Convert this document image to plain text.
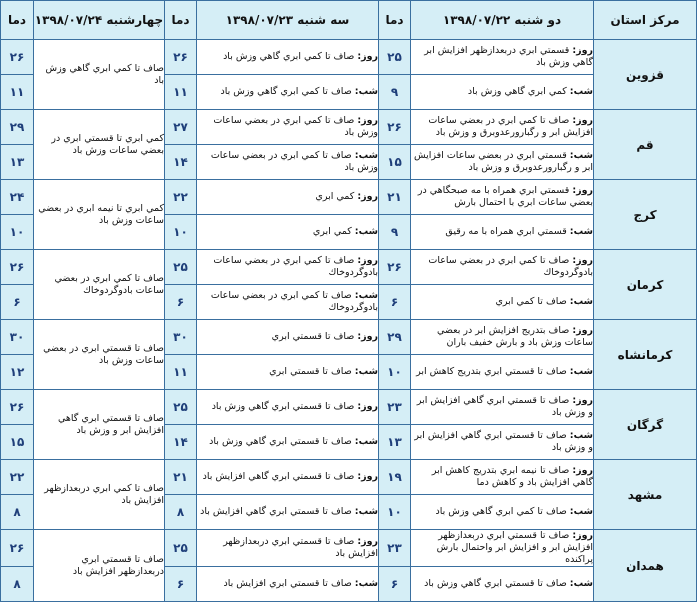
مرکز استان	دو شنبه ۱۳۹۸/۰۷/۲۲	دما	سه شنبه ۱۳۹۸/۰۷/۲۳	دما	چهارشنبه ۱۳۹۸/۰۷/۲۴	دما
قزوين	روز: قسمتي ابري دربعدازظهر افزايش ابر گاهي وزش باد	۲۵	روز: صاف تا كمي ابري گاهي وزش باد	۲۶	صاف تا كمي ابري گاهي وزش باد	۲۶
	شب: كمي ابري گاهي وزش باد	۹	شب: صاف تا كمي ابري گاهي وزش باد	۱۱		۱۱
قم	روز: صاف تا كمي ابري در بعضي ساعات افزايش ابر و رگبارورعدوبرق و وزش باد	۲۶	روز: صاف تا كمي ابري در بعضي ساعات وزش باد	۲۷	كمي ابري تا قسمتي ابري در بعضي ساعات وزش باد	۲۹
	شب: قسمتي ابري در بعضي ساعات افزايش ابر و رگبارورعدوبرق و وزش باد	۱۵	شب: صاف تا كمي ابري در بعضي ساعات وزش باد	۱۴		۱۳
كرج	روز: قسمتي ابري همراه با مه صبحگاهي در بعضي ساعات ابري با احتمال بارش	۲۱	روز: كمي ابري	۲۲	كمي ابري تا نيمه ابري در بعضي ساعات وزش باد	۲۴
	شب: قسمتي ابري همراه با مه رقيق	۹	شب: كمي ابري	۱۰		۱۰
كرمان	روز: صاف تا كمي ابري در بعضي ساعات بادوگردوخاك	۲۶	روز: صاف تا كمي ابري در بعضي ساعات بادوگردوخاك	۲۵	صاف تا كمي ابري در بعضي ساعات بادوگردوخاك	۲۶
	شب: صاف تا كمي ابري	۶	شب: صاف تا كمي ابري در بعضي ساعات بادوگردوخاك	۶		۶
كرمانشاه	روز: صاف بتدريج افزايش ابر در بعضي ساعات وزش باد و بارش خفيف باران	۲۹	روز: صاف تا قسمتي ابري	۳۰	صاف تا قسمتي ابري در بعضي ساعات وزش باد	۳۰
	شب: صاف تا قسمتي ابري بتدريج كاهش ابر	۱۰	شب: صاف تا قسمتي ابري	۱۱		۱۲
گرگان	روز: صاف تا قسمتي ابري گاهي افزايش ابر و وزش باد	۲۳	روز: صاف تا قسمتي ابري گاهي وزش باد	۲۵	صاف تا قسمتي ابري گاهي افزايش ابر و وزش باد	۲۶
	شب: صاف تا قسمتي ابري گاهي افزايش ابر و وزش باد	۱۳	شب: صاف تا قسمتي ابري گاهي وزش باد	۱۴		۱۵
مشهد	روز: صاف تا نيمه ابري بتدريج كاهش ابر گاهي افزايش باد و كاهش دما	۱۹	روز: صاف تا قسمتي ابري گاهي افزايش باد	۲۱	صاف تا كمي ابري دربعدازظهر افزايش باد	۲۲
	شب: صاف تا كمي ابري گاهي وزش باد	۱۰	شب: صاف تا قسمتي ابري گاهي افزايش باد	۸		۸
همدان	روز: صاف تا قسمتي ابري دربعدازظهر افزايش ابر و افزايش ابر واحتمال بارش پراكنده	۲۳	روز: صاف تا قسمتي ابري دربعدازظهر افزايش باد	۲۵	صاف تا قسمتي ابري دربعدازظهر افزايش باد	۲۶
	شب: صاف تا قسمتي ابري گاهي وزش باد	۶	شب: صاف تا قسمتي ابري افزايش باد	۶		۸
